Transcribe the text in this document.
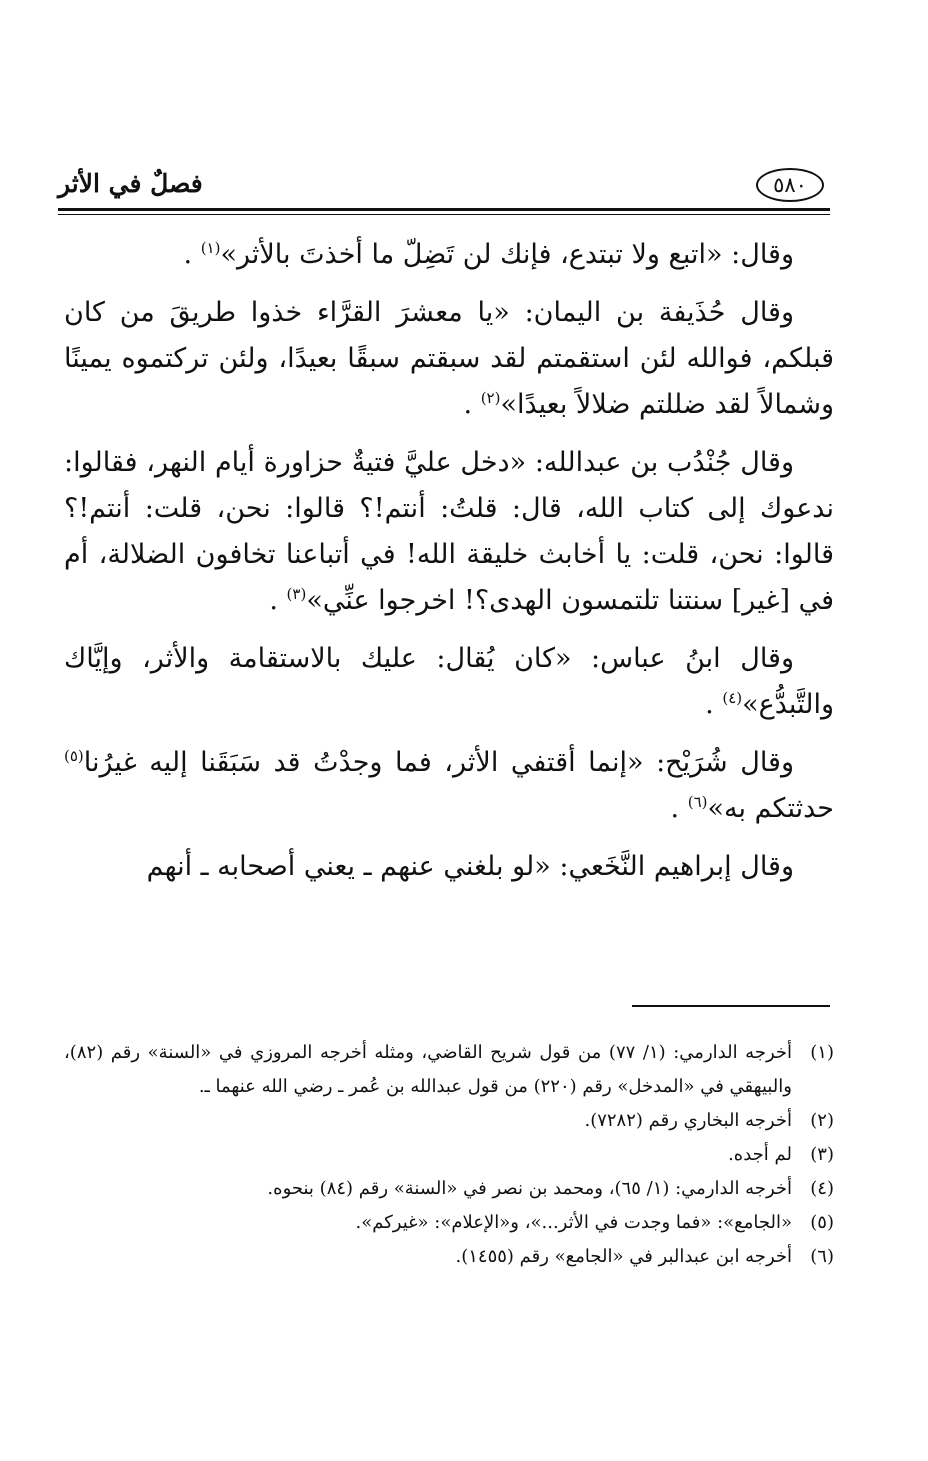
٥٨٠
فصلٌ في الأثر

وقال: «اتبع ولا تبتدع، فإنك لن تَضِلّ ما أخذتَ بالأثر»$^{(١)}$ .

وقال حُذَيفة بن اليمان: «يا معشرَ القرَّاء خذوا طريقَ من كان قبلكم، فوالله لئن استقمتم لقد سبقتم سبقًا بعيدًا، ولئن تركتموه يمينًا وشمالاً لقد ضللتم ضلالاً بعيدًا»$^{(٢)}$ .

وقال جُنْدُب بن عبدالله: «دخل عليَّ فتيةٌ حزاورة أيام النهر، فقالوا: ندعوك إلى كتاب الله، قال: قلتُ: أنتم!؟ قالوا: نحن، قلت: أنتم!؟ قالوا: نحن، قلت: يا أخابث خليقة الله! في أتباعنا تخافون الضلالة، أم في [غير] سنتنا تلتمسون الهدى؟! اخرجوا عنِّي»$^{(٣)}$ .

وقال ابنُ عباس: «كان يُقال: عليك بالاستقامة والأثر، وإيَّاك والتَّبدُّع»$^{(٤)}$ .

وقال شُرَيْح: «إنما أقتفي الأثر، فما وجدْتُ قد سَبَقَنا إليه غيرُنا$^{(٥)}$ حدثتكم به»$^{(٦)}$ .

وقال إبراهيم النَّخَعي: «لو بلغني عنهم ـ يعني أصحابه ـ أنهم

(١)
أخرجه الدارمي: (١/ ٧٧) من قول شريح القاضي، ومثله أخرجه المروزي في «السنة» رقم (٨٢)، والبيهقي في «المدخل» رقم (٢٢٠) من قول عبدالله بن عُمر ـ رضي الله عنهما ـ.
(٢)
أخرجه البخاري رقم (٧٢٨٢).
(٣)
لم أجده.
(٤)
أخرجه الدارمي: (١/ ٦٥)، ومحمد بن نصر في «السنة» رقم (٨٤) بنحوه.
(٥)
«الجامع»: «فما وجدت في الأثر...»، و«الإعلام»: «غيركم».
(٦)
أخرجه ابن عبدالبر في «الجامع» رقم (١٤٥٥).
